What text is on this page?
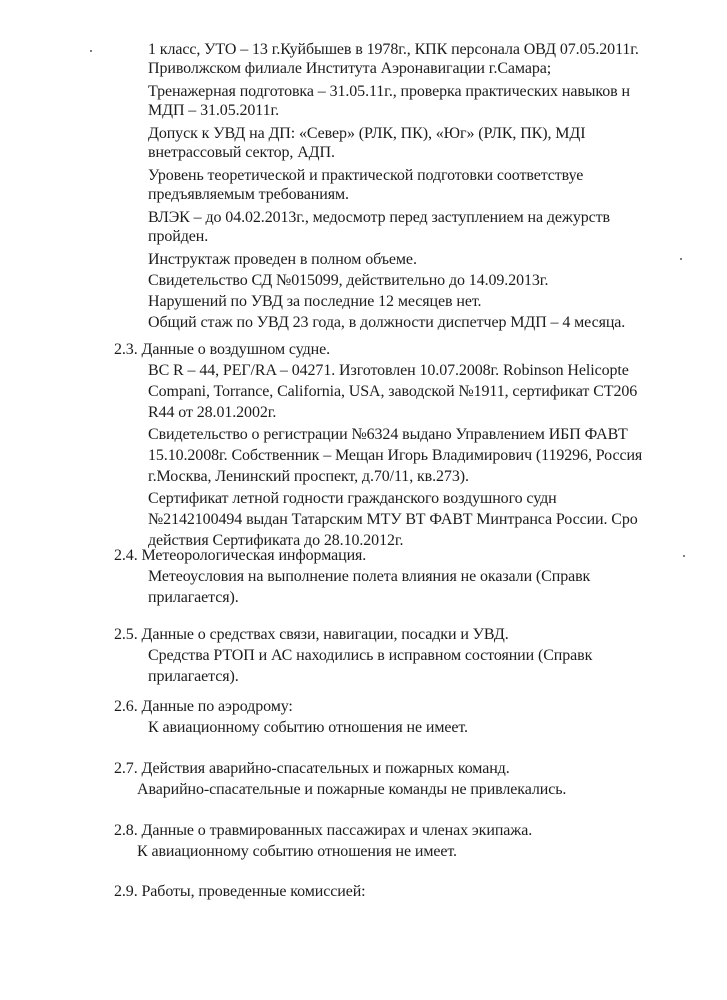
1 класс, УТО – 13 г.Куйбышев в 1978г., КПК персонала ОВД 07.05.2011г.
Приволжском филиале Института Аэронавигации г.Самара;
Тренажерная подготовка – 31.05.11г., проверка практических навыков н
МДП – 31.05.2011г.
Допуск к УВД на ДП: «Север» (РЛК, ПК), «Юг» (РЛК, ПК), МДІ
внетрассовый сектор, АДП.
Уровень теоретической и практической подготовки соответствуе
предъявляемым требованиям.
ВЛЭК – до 04.02.2013г., медосмотр перед заступлением на дежурств
пройден.
Инструктаж проведен в полном объеме.
Свидетельство СД №015099, действительно до 14.09.2013г.
Нарушений по УВД за последние 12 месяцев нет.
Общий стаж по УВД 23 года, в должности диспетчер МДП – 4 месяца.
2.3. Данные о воздушном судне.
ВС R – 44, РЕГ/RA – 04271. Изготовлен 10.07.2008г. Robinson Helicopte
Compani, Torrance, California, USA, заводской №1911, сертификат СТ206
R44 от 28.01.2002г.
Свидетельство о регистрации №6324 выдано Управлением ИБП ФАВТ
15.10.2008г. Собственник – Мещан Игорь Владимирович (119296, Россия
г.Москва, Ленинский проспект, д.70/11, кв.273).
Сертификат летной годности гражданского воздушного судн
№2142100494 выдан Татарским МТУ ВТ ФАВТ Минтранса России. Сро
действия Сертификата до 28.10.2012г.
2.4. Метеорологическая информация.
Метеоусловия на выполнение полета влияния не оказали (Справк
прилагается).
2.5. Данные о средствах связи, навигации, посадки и УВД.
Средства РТОП и АС находились в исправном состоянии (Справк
прилагается).
2.6. Данные по аэродрому:
К авиационному событию отношения не имеет.
2.7. Действия аварийно-спасательных и пожарных команд.
Аварийно-спасательные и пожарные команды не привлекались.
2.8. Данные о травмированных пассажирах и членах экипажа.
К авиационному событию отношения не имеет.
2.9. Работы, проведенные комиссией:
